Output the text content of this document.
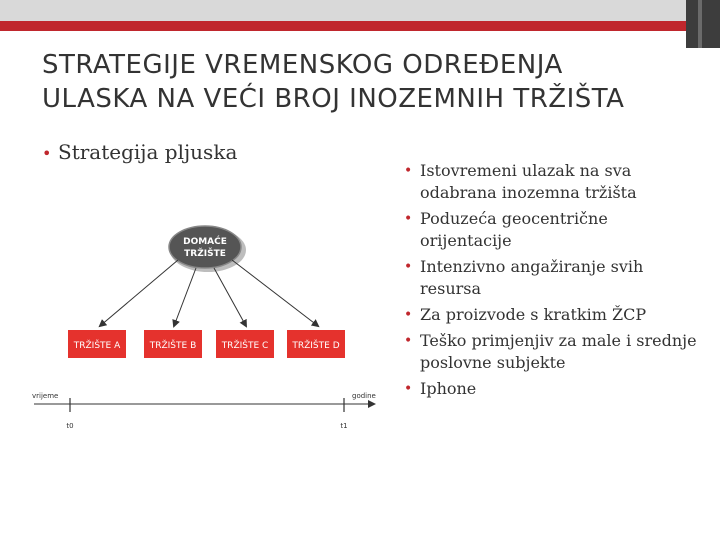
STRATEGIJE VREMENSKOG ODREĐENJA
ULASKA NA VEĆI BROJ INOZEMNIH TRŽIŠTA
• Strategija pljuska
• Istovremeni ulazak na sva odabrana inozemna tržišta
• Poduzeća geocentrične orijentacije
• Intenzivno angažiranje svih resursa
• Za proizvode s kratkim ŽCP
• Teško primjenjiv za male i srednje poslovne subjekte
• Iphone
DOMAĆE
TRŽIŠTE
TRŽIŠTE A	TRŽIŠTE B	TRŽIŠTE C	TRŽIŠTE D
vrijeme	godine
t0	t1
